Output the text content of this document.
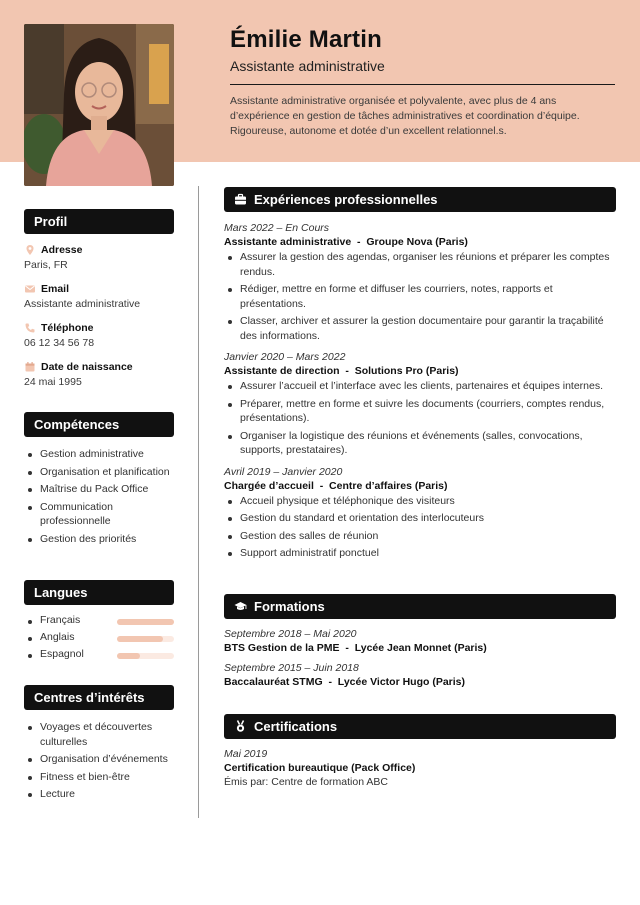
Émilie Martin
Assistante administrative
Assistante administrative organisée et polyvalente, avec plus de 4 ans d’expérience en gestion de tâches administratives et coordination d’équipe. Rigoureuse, autonome et dotée d’un excellent relationnel.s.
Profil
Adresse
Paris, FR
Email
Assistante administrative
Téléphone
06 12 34 56 78
Date de naissance
24 mai 1995
Compétences
Gestion administrative
Organisation et planification
Maîtrise du Pack Office
Communication professionnelle
Gestion des priorités
Langues
Français
Anglais
Espagnol
Centres d’intérêts
Voyages et découvertes culturelles
Organisation d’événements
Fitness et bien-être
Lecture
Expériences professionnelles
Mars 2022 – En Cours
Assistante administrative  -  Groupe Nova (Paris)
Assurer la gestion des agendas, organiser les réunions et préparer les comptes rendus.
Rédiger, mettre en forme et diffuser les courriers, notes, rapports et présentations.
Classer, archiver et assurer la gestion documentaire pour garantir la traçabilité des informations.
Janvier 2020 – Mars 2022
Assistante de direction  -  Solutions Pro (Paris)
Assurer l’accueil et l’interface avec les clients, partenaires et équipes internes.
Préparer, mettre en forme et suivre les documents (courriers, comptes rendus, présentations).
Organiser la logistique des réunions et événements (salles, convocations, supports, prestataires).
Avril 2019 – Janvier 2020
Chargée d’accueil  -  Centre d’affaires (Paris)
Accueil physique et téléphonique des visiteurs
Gestion du standard et orientation des interlocuteurs
Gestion des salles de réunion
Support administratif ponctuel
Formations
Septembre 2018 – Mai 2020
BTS Gestion de la PME  -  Lycée Jean Monnet (Paris)
Septembre 2015 – Juin 2018
Baccalauréat STMG  -  Lycée Victor Hugo (Paris)
Certifications
Mai 2019
Certification bureautique (Pack Office)
Émis par: Centre de formation ABC
